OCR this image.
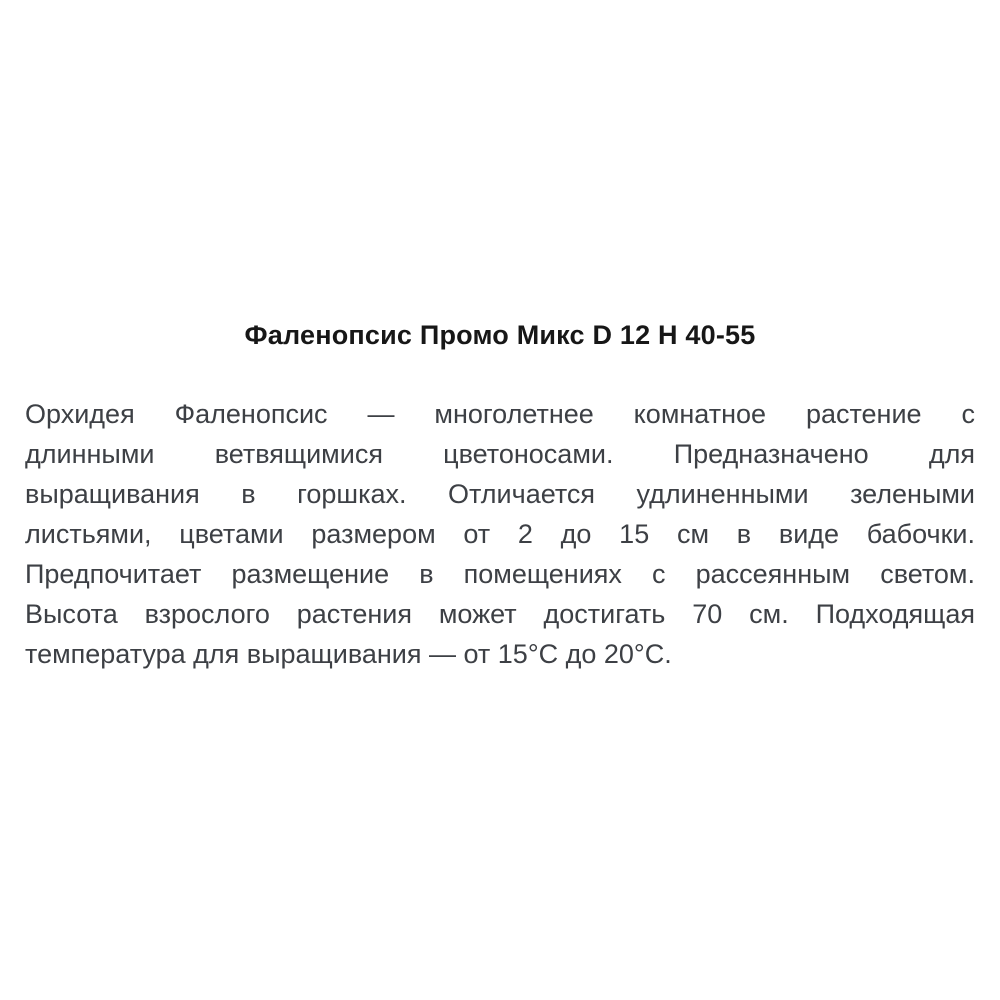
Фаленопсис Промо Микс D 12 H 40-55
Орхидея Фаленопсис — многолетнее комнатное растение с
длинными ветвящимися цветоносами. Предназначено для
выращивания в горшках. Отличается удлиненными зелеными
листьями, цветами размером от 2 до 15 см в виде бабочки.
Предпочитает размещение в помещениях с рассеянным светом.
Высота взрослого растения может достигать 70 см. Подходящая
температура для выращивания — от 15°С до 20°С.
